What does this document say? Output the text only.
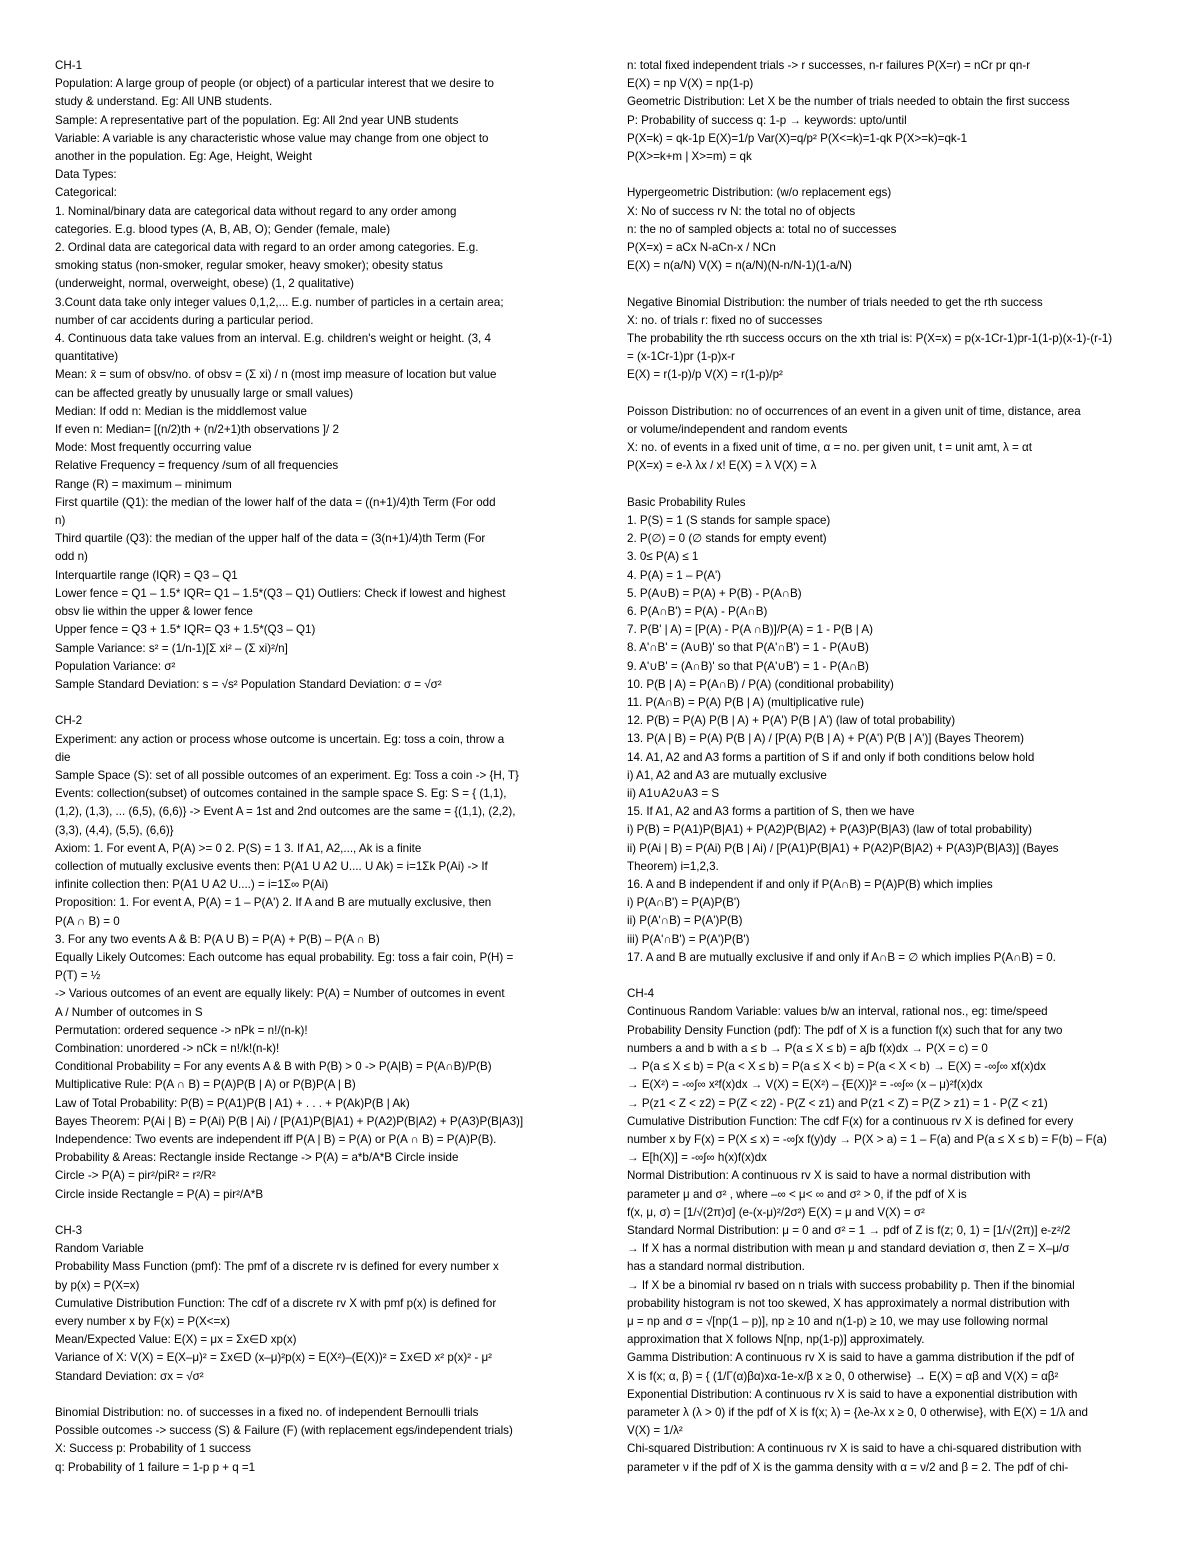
CH-1
Population: A large group of people (or object) of a particular interest that we desire to
study & understand. Eg: All UNB students.
Sample: A representative part of the population. Eg: All 2nd year UNB students
Variable: A variable is any characteristic whose value may change from one object to
another in the population. Eg: Age, Height, Weight
Data Types:
Categorical:
1. Nominal/binary data are categorical data without regard to any order among
categories. E.g. blood types (A, B, AB, O); Gender (female, male)
2. Ordinal data are categorical data with regard to an order among categories. E.g.
smoking status (non-smoker, regular smoker, heavy smoker); obesity status
(underweight, normal, overweight, obese) (1, 2 qualitative)
3.Count data take only integer values 0,1,2,... E.g. number of particles in a certain area;
number of car accidents during a particular period.
4. Continuous data take values from an interval. E.g. children's weight or height. (3, 4
quantitative)
Mean: x̄ = sum of obsv/no. of obsv = (Σ xi) / n (most imp measure of location but value
can be affected greatly by unusually large or small values)
Median: If odd n: Median is the middlemost value
If even n: Median= [(n/2)th + (n/2+1)th observations ]/ 2
Mode: Most frequently occurring value
Relative Frequency = frequency /sum of all frequencies
Range (R) = maximum – minimum
First quartile (Q1): the median of the lower half of the data = ((n+1)/4)th Term (For odd
n)
Third quartile (Q3): the median of the upper half of the data = (3(n+1)/4)th Term (For
odd n)
Interquartile range (IQR) = Q3 – Q1
Lower fence = Q1 – 1.5* IQR= Q1 – 1.5*(Q3 – Q1) Outliers: Check if lowest and highest
obsv lie within the upper & lower fence
Upper fence = Q3 + 1.5* IQR= Q3 + 1.5*(Q3 – Q1)
Sample Variance: s² = (1/n-1)[Σ xi² – (Σ xi)²/n]
Population Variance: σ²
Sample Standard Deviation: s = √s² Population Standard Deviation: σ = √σ²
CH-2
Experiment: any action or process whose outcome is uncertain. Eg: toss a coin, throw a
die
Sample Space (S): set of all possible outcomes of an experiment. Eg: Toss a coin -> {H, T}
Events: collection(subset) of outcomes contained in the sample space S. Eg: S = { (1,1),
(1,2), (1,3), ... (6,5), (6,6)} -> Event A = 1st and 2nd outcomes are the same = {(1,1), (2,2),
(3,3), (4,4), (5,5), (6,6)}
Axiom: 1. For event A, P(A) >= 0 2. P(S) = 1 3. If A1, A2,..., Ak is a finite
collection of mutually exclusive events then: P(A1 U A2 U.... U Ak) = i=1Σk P(Ai) -> If
infinite collection then: P(A1 U A2 U....) = i=1Σ∞ P(Ai)
Proposition: 1. For event A, P(A) = 1 – P(A') 2. If A and B are mutually exclusive, then
P(A ∩ B) = 0
3. For any two events A & B: P(A U B) = P(A) + P(B) – P(A ∩ B)
Equally Likely Outcomes: Each outcome has equal probability. Eg: toss a fair coin, P(H) =
P(T) = ½
-> Various outcomes of an event are equally likely: P(A) = Number of outcomes in event
A / Number of outcomes in S
Permutation: ordered sequence -> nPk = n!/(n-k)!
Combination: unordered -> nCk = n!/k!(n-k)!
Conditional Probability = For any events A & B with P(B) > 0 -> P(A|B) = P(A∩B)/P(B)
Multiplicative Rule: P(A ∩ B) = P(A)P(B | A) or P(B)P(A | B)
Law of Total Probability: P(B) = P(A1)P(B | A1) + . . . + P(Ak)P(B | Ak)
Bayes Theorem: P(Ai | B) = P(Ai) P(B | Ai) / [P(A1)P(B|A1) + P(A2)P(B|A2) + P(A3)P(B|A3)]
Independence: Two events are independent iff P(A | B) = P(A) or P(A ∩ B) = P(A)P(B).
Probability & Areas: Rectangle inside Rectange -> P(A) = a*b/A*B Circle inside
Circle -> P(A) = pir²/piR² = r²/R²
Circle inside Rectangle = P(A) = pir²/A*B
CH-3
Random Variable
Probability Mass Function (pmf): The pmf of a discrete rv is defined for every number x
by p(x) = P(X=x)
Cumulative Distribution Function: The cdf of a discrete rv X with pmf p(x) is defined for
every number x by F(x) = P(X<=x)
Mean/Expected Value: E(X) = μx = Σx∈D xp(x)
Variance of X: V(X) = E(X–μ)² = Σx∈D (x–μ)²p(x) = E(X²)–(E(X))² = Σx∈D x² p(x)² - μ²
Standard Deviation: σx = √σ²
Binomial Distribution: no. of successes in a fixed no. of independent Bernoulli trials
Possible outcomes -> success (S) & Failure (F) (with replacement egs/independent trials)
X: Success p: Probability of 1 success
q: Probability of 1 failure = 1-p p + q =1
n: total fixed independent trials -> r successes, n-r failures P(X=r) = nCr pr qn-r
E(X) = np V(X) = np(1-p)
Geometric Distribution: Let X be the number of trials needed to obtain the first success
P: Probability of success q: 1-p → keywords: upto/until
P(X=k) = qk-1p E(X)=1/p Var(X)=q/p² P(X<=k)=1-qk P(X>=k)=qk-1
P(X>=k+m | X>=m) = qk
Hypergeometric Distribution: (w/o replacement egs)
X: No of success rv N: the total no of objects
n: the no of sampled objects a: total no of successes
P(X=x) = aCx N-aCn-x / NCn
E(X) = n(a/N) V(X) = n(a/N)(N-n/N-1)(1-a/N)
Negative Binomial Distribution: the number of trials needed to get the rth success
X: no. of trials r: fixed no of successes
The probability the rth success occurs on the xth trial is: P(X=x) = p(x-1Cr-1)pr-1(1-p)(x-1)-(r-1)
= (x-1Cr-1)pr (1-p)x-r
E(X) = r(1-p)/p V(X) = r(1-p)/p²
Poisson Distribution: no of occurrences of an event in a given unit of time, distance, area
or volume/independent and random events
X: no. of events in a fixed unit of time, α = no. per given unit, t = unit amt, λ = αt
P(X=x) = e-λ λx / x! E(X) = λ V(X) = λ
Basic Probability Rules
1. P(S) = 1 (S stands for sample space)
2. P(∅) = 0 (∅ stands for empty event)
3. 0≤ P(A) ≤ 1
4. P(A) = 1 – P(A')
5. P(A∪B) = P(A) + P(B) - P(A∩B)
6. P(A∩B') = P(A) - P(A∩B)
7. P(B' | A) = [P(A) - P(A ∩B)]/P(A) = 1 - P(B | A)
8. A'∩B' = (A∪B)' so that P(A'∩B') = 1 - P(A∪B)
9. A'∪B' = (A∩B)' so that P(A'∪B') = 1 - P(A∩B)
10. P(B | A) = P(A∩B) / P(A) (conditional probability)
11. P(A∩B) = P(A) P(B | A) (multiplicative rule)
12. P(B) = P(A) P(B | A) + P(A') P(B | A') (law of total probability)
13. P(A | B) = P(A) P(B | A) / [P(A) P(B | A) + P(A') P(B | A')] (Bayes Theorem)
14. A1, A2 and A3 forms a partition of S if and only if both conditions below hold
i) A1, A2 and A3 are mutually exclusive
ii) A1∪A2∪A3 = S
15. If A1, A2 and A3 forms a partition of S, then we have
i) P(B) = P(A1)P(B|A1) + P(A2)P(B|A2) + P(A3)P(B|A3) (law of total probability)
ii) P(Ai | B) = P(Ai) P(B | Ai) / [P(A1)P(B|A1) + P(A2)P(B|A2) + P(A3)P(B|A3)] (Bayes
Theorem) i=1,2,3.
16. A and B independent if and only if P(A∩B) = P(A)P(B) which implies
i) P(A∩B') = P(A)P(B')
ii) P(A'∩B) = P(A')P(B)
iii) P(A'∩B') = P(A')P(B')
17. A and B are mutually exclusive if and only if A∩B = ∅ which implies P(A∩B) = 0.
CH-4
Continuous Random Variable: values b/w an interval, rational nos., eg: time/speed
Probability Density Function (pdf): The pdf of X is a function f(x) such that for any two
numbers a and b with a ≤ b → P(a ≤ X ≤ b) = a∫b f(x)dx → P(X = c) = 0
→ P(a ≤ X ≤ b) = P(a < X ≤ b) = P(a ≤ X < b) = P(a < X < b) → E(X) = -∞∫∞ xf(x)dx
→ E(X²) = -∞∫∞ x²f(x)dx → V(X) = E(X²) – {E(X)}² = -∞∫∞ (x – μ)²f(x)dx
→ P(z1 < Z < z2) = P(Z < z2) - P(Z < z1) and P(z1 < Z) = P(Z > z1) = 1 - P(Z < z1)
Cumulative Distribution Function: The cdf F(x) for a continuous rv X is defined for every
number x by F(x) = P(X ≤ x) = -∞∫x f(y)dy → P(X > a) = 1 – F(a) and P(a ≤ X ≤ b) = F(b) – F(a)
→ E[h(X)] = -∞∫∞ h(x)f(x)dx
Normal Distribution: A continuous rv X is said to have a normal distribution with
parameter μ and σ² , where –∞ < μ< ∞ and σ² > 0, if the pdf of X is
f(x, μ, σ) = [1/√(2π)σ] (e-(x-μ)²/2σ²) E(X) = μ and V(X) = σ²
Standard Normal Distribution: μ = 0 and σ² = 1 → pdf of Z is f(z; 0, 1) = [1/√(2π)] e-z²/2
→ If X has a normal distribution with mean μ and standard deviation σ, then Z = X–μ/σ
has a standard normal distribution.
→ If X be a binomial rv based on n trials with success probability p. Then if the binomial
probability histogram is not too skewed, X has approximately a normal distribution with
μ = np and σ = √[np(1 – p)], np ≥ 10 and n(1-p) ≥ 10, we may use following normal
approximation that X follows N[np, np(1-p)] approximately.
Gamma Distribution: A continuous rv X is said to have a gamma distribution if the pdf of
X is f(x; α, β) = { (1/Γ(α)βα)xα-1e-x/β x ≥ 0, 0 otherwise} → E(X) = αβ and V(X) = αβ²
Exponential Distribution: A continuous rv X is said to have a exponential distribution with
parameter λ (λ > 0) if the pdf of X is f(x; λ) = {λe-λx x ≥ 0, 0 otherwise}, with E(X) = 1/λ and
V(X) = 1/λ²
Chi-squared Distribution: A continuous rv X is said to have a chi-squared distribution with
parameter ν if the pdf of X is the gamma density with α = ν/2 and β = 2. The pdf of chi-
